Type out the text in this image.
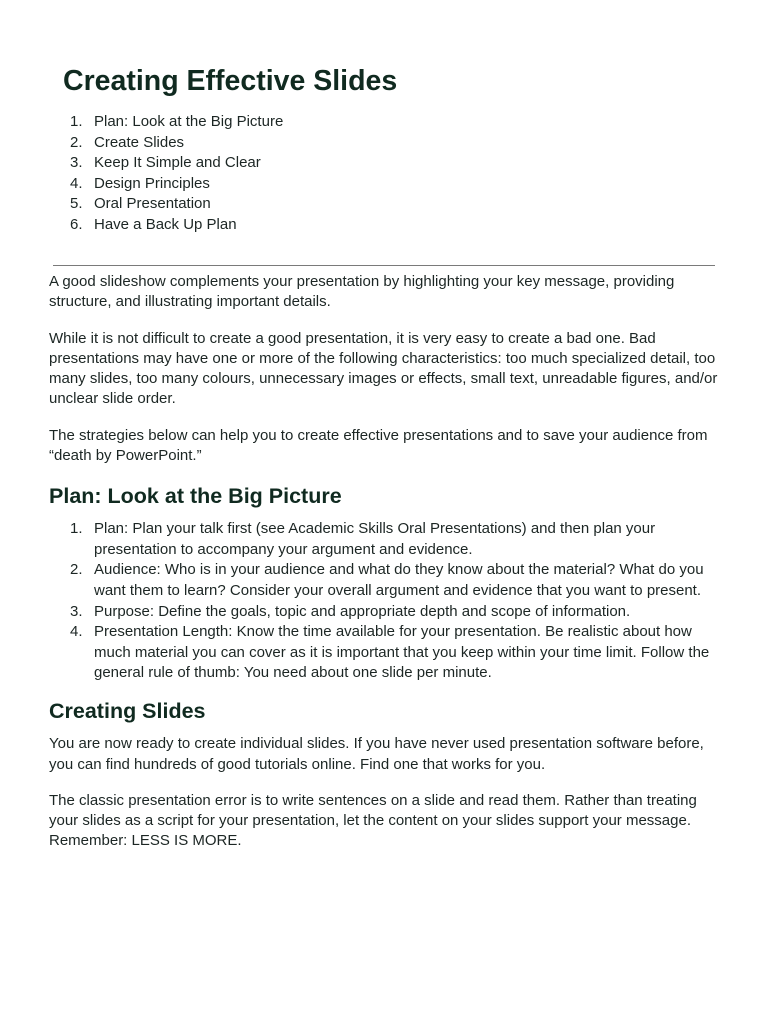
Creating Effective Slides
1. Plan: Look at the Big Picture
2. Create Slides
3. Keep It Simple and Clear
4. Design Principles
5. Oral Presentation
6. Have a Back Up Plan

A good slideshow complements your presentation by highlighting your key message, providing structure, and illustrating important details.

While it is not difficult to create a good presentation, it is very easy to create a bad one. Bad presentations may have one or more of the following characteristics: too much specialized detail, too many slides, too many colours, unnecessary images or effects, small text, unreadable figures, and/or unclear slide order.

The strategies below can help you to create effective presentations and to save your audience from “death by PowerPoint.”

Plan: Look at the Big Picture
1. Plan: Plan your talk first (see Academic Skills Oral Presentations) and then plan your presentation to accompany your argument and evidence.
2. Audience: Who is in your audience and what do they know about the material? What do you want them to learn? Consider your overall argument and evidence that you want to present.
3. Purpose: Define the goals, topic and appropriate depth and scope of information.
4. Presentation Length: Know the time available for your presentation. Be realistic about how much material you can cover as it is important that you keep within your time limit. Follow the general rule of thumb: You need about one slide per minute.
Creating Slides

You are now ready to create individual slides. If you have never used presentation software before, you can find hundreds of good tutorials online. Find one that works for you.

The classic presentation error is to write sentences on a slide and read them. Rather than treating your slides as a script for your presentation, let the content on your slides support your message. Remember: LESS IS MORE.
